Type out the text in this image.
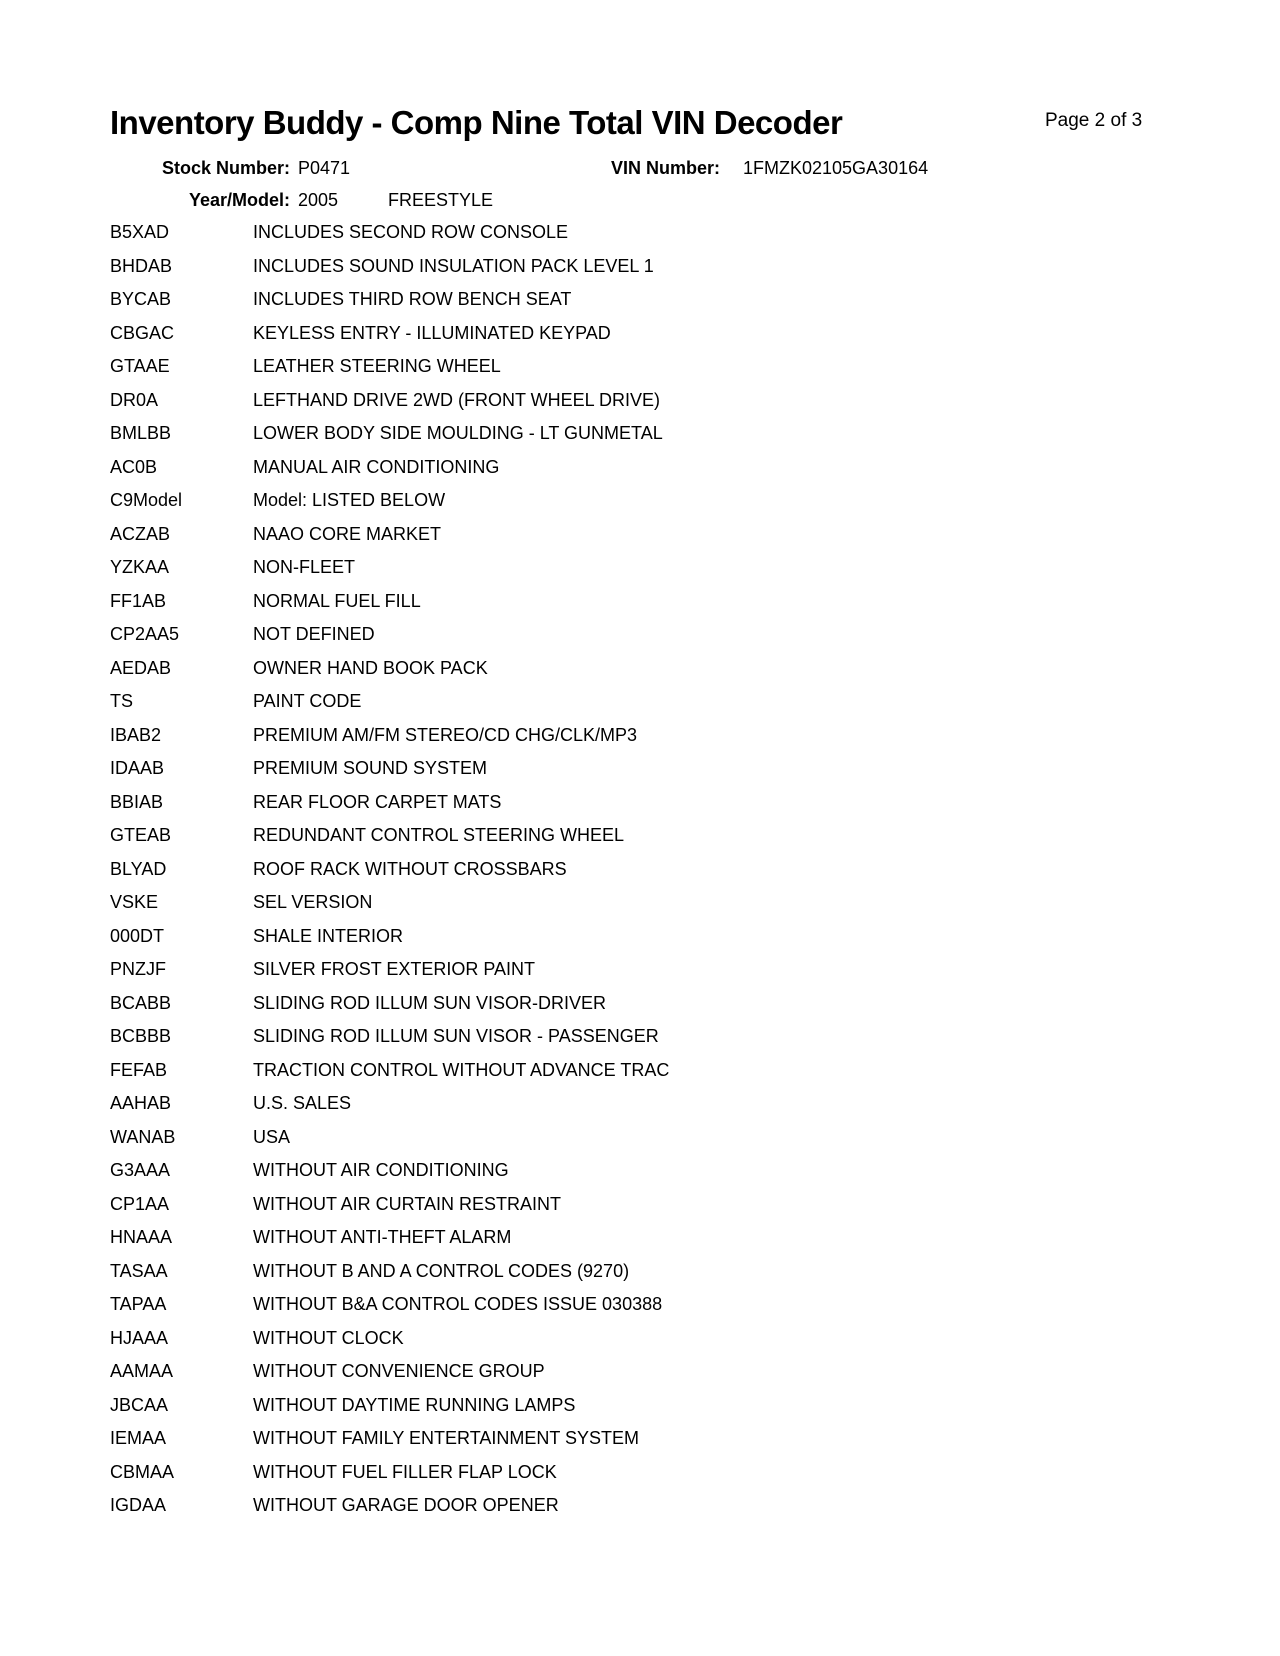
Inventory Buddy - Comp Nine Total VIN Decoder	Page 2 of 3
Stock Number: P0471	VIN Number: 1FMZK02105GA30164
Year/Model: 2005	FREESTYLE
B5XAD	INCLUDES SECOND ROW CONSOLE
BHDAB	INCLUDES SOUND INSULATION PACK LEVEL 1
BYCAB	INCLUDES THIRD ROW BENCH SEAT
CBGAC	KEYLESS ENTRY - ILLUMINATED KEYPAD
GTAAE	LEATHER STEERING WHEEL
DR0A	LEFTHAND DRIVE 2WD (FRONT WHEEL DRIVE)
BMLBB	LOWER BODY SIDE MOULDING - LT GUNMETAL
AC0B	MANUAL AIR CONDITIONING
C9Model	Model: LISTED BELOW
ACZAB	NAAO CORE MARKET
YZKAA	NON-FLEET
FF1AB	NORMAL FUEL FILL
CP2AA5	NOT DEFINED
AEDAB	OWNER HAND BOOK PACK
TS	PAINT CODE
IBAB2	PREMIUM AM/FM STEREO/CD CHG/CLK/MP3
IDAAB	PREMIUM SOUND SYSTEM
BBIAB	REAR FLOOR CARPET MATS
GTEAB	REDUNDANT CONTROL STEERING WHEEL
BLYAD	ROOF RACK WITHOUT CROSSBARS
VSKE	SEL VERSION
000DT	SHALE INTERIOR
PNZJF	SILVER FROST EXTERIOR PAINT
BCABB	SLIDING ROD ILLUM SUN VISOR-DRIVER
BCBBB	SLIDING ROD ILLUM SUN VISOR - PASSENGER
FEFAB	TRACTION CONTROL WITHOUT ADVANCE TRAC
AAHAB	U.S. SALES
WANAB	USA
G3AAA	WITHOUT AIR CONDITIONING
CP1AA	WITHOUT AIR CURTAIN RESTRAINT
HNAAA	WITHOUT ANTI-THEFT ALARM
TASAA	WITHOUT B AND A CONTROL CODES (9270)
TAPAA	WITHOUT B&A CONTROL CODES ISSUE 030388
HJAAA	WITHOUT CLOCK
AAMAA	WITHOUT CONVENIENCE GROUP
JBCAA	WITHOUT DAYTIME RUNNING LAMPS
IEMAA	WITHOUT FAMILY ENTERTAINMENT SYSTEM
CBMAA	WITHOUT FUEL FILLER FLAP LOCK
IGDAA	WITHOUT GARAGE DOOR OPENER
